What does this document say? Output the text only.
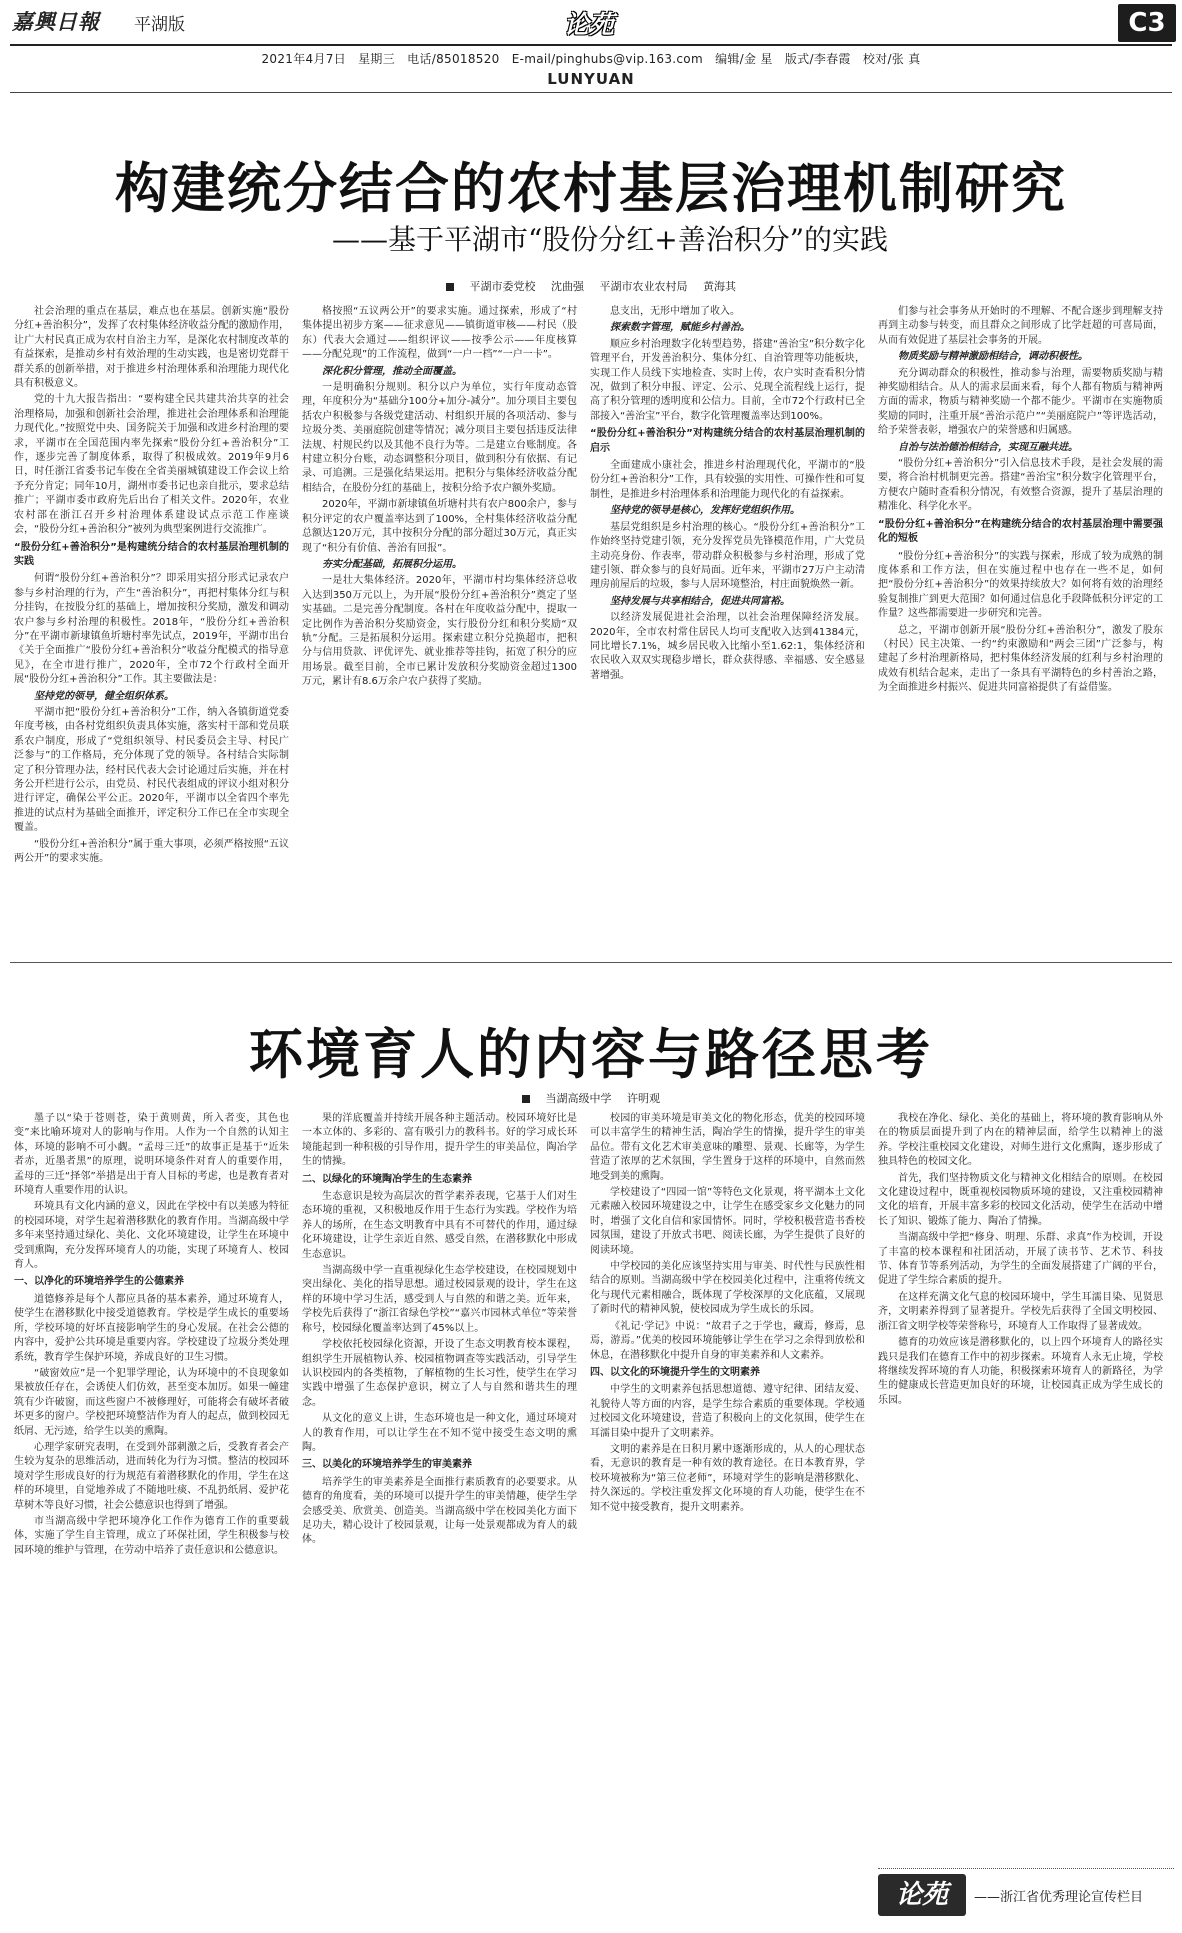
嘉興日報 平湖版	论苑	C3
2021年4月7日 星期三 电话/85018520 E-mail/pinghubs@vip.163.com 编辑/金 星 版式/李春霞 校对/张 真
LUNYUAN
构建统分结合的农村基层治理机制研究
——基于平湖市“股份分红+善治积分”的实践
平湖市委党校 沈曲强 平湖市农业农村局 黄海其

社会治理的重点在基层，难点也在基层。创新实施“股份分红+善治积分”，发挥了农村集体经济收益分配的激励作用，让广大村民真正成为农村自治主力军，是深化农村制度改革的有益探索，是推动乡村有效治理的生动实践，也是密切党群干群关系的创新举措，对于推进乡村治理体系和治理能力现代化具有积极意义。

党的十九大报告指出：“要构建全民共建共治共享的社会治理格局，加强和创新社会治理，推进社会治理体系和治理能力现代化。”按照党中央、国务院关于加强和改进乡村治理的要求，平湖市在全国范围内率先探索“股份分红+善治积分”工作，逐步完善了制度体系，取得了积极成效。2019年9月6日，时任浙江省委书记车俊在全省美丽城镇建设工作会议上给予充分肯定；同年10月，湖州市委书记也亲自批示，要求总结推广；平湖市委市政府先后出台了相关文件。2020年，农业农村部在浙江召开乡村治理体系建设试点示范工作座谈会，“股份分红+善治积分”被列为典型案例进行交流推广。

“股份分红+善治积分”是构建统分结合的农村基层治理机制的实践

何谓“股份分红+善治积分”？即采用实招分形式记录农户参与乡村治理的行为，产生“善治积分”，再把村集体分红与积分挂钩，在按股分红的基础上，增加按积分奖励，激发和调动农户参与乡村治理的积极性。2018年，“股份分红+善治积分”在平湖市新埭镇鱼圻塘村率先试点，2019年，平湖市出台《关于全面推广“股份分红+善治积分”收益分配模式的指导意见》，在全市进行推广，2020年，全市72个行政村全面开展“股份分红+善治积分”工作。其主要做法是：

坚持党的领导，健全组织体系。

平湖市把“股份分红+善治积分”工作，纳入各镇街道党委年度考核，由各村党组织负责具体实施，落实村干部和党员联系农户制度，形成了“党组织领导、村民委员会主导、村民广泛参与”的工作格局，充分体现了党的领导。各村结合实际制定了积分管理办法，经村民代表大会讨论通过后实施，并在村务公开栏进行公示，由党员、村民代表组成的评议小组对积分进行评定，确保公平公正。2020年，平湖市以全省四个率先推进的试点村为基础全面推开，评定积分工作已在全市实现全覆盖。

“股份分红+善治积分”属于重大事项，必须严格按照“五议两公开”的要求实施。

格按照“五议两公开”的要求实施。通过探索，形成了“村集体提出初步方案——征求意见——镇街道审核——村民（股东）代表大会通过——组织评议——按季公示——年度核算——分配兑现”的工作流程，做到“一户一档”“一户一卡”。

深化积分管理，推动全面覆盖。

一是明确积分规则。积分以户为单位，实行年度动态管理，年度积分为“基础分100分+加分-减分”。加分项目主要包括农户积极参与各级党建活动、村组织开展的各项活动、参与垃圾分类、美丽庭院创建等情况；减分项目主要包括违反法律法规、村规民约以及其他不良行为等。二是建立台账制度。各村建立积分台账，动态调整积分项目，做到积分有依据、有记录、可追溯。三是强化结果运用。把积分与集体经济收益分配相结合，在股份分红的基础上，按积分给予农户额外奖励。

2020年，平湖市新埭镇鱼圻塘村共有农户800余户，参与积分评定的农户覆盖率达到了100%，全村集体经济收益分配总额达120万元，其中按积分分配的部分超过30万元，真正实现了“积分有价值、善治有回报”。

夯实分配基础，拓展积分运用。

一是壮大集体经济。2020年，平湖市村均集体经济总收入达到350万元以上，为开展“股份分红+善治积分”奠定了坚实基础。二是完善分配制度。各村在年度收益分配中，提取一定比例作为善治积分奖励资金，实行股份分红和积分奖励“双轨”分配。三是拓展积分运用。探索建立积分兑换超市，把积分与信用贷款、评优评先、就业推荐等挂钩，拓宽了积分的应用场景。截至目前，全市已累计发放积分奖励资金超过1300万元，累计有8.6万余户农户获得了奖励。

息支出，无形中增加了收入。

探索数字管理，赋能乡村善治。

顺应乡村治理数字化转型趋势，搭建“善治宝”积分数字化管理平台，开发善治积分、集体分红、自治管理等功能板块，实现工作人员线下实地检查、实时上传，农户实时查看积分情况，做到了积分申报、评定、公示、兑现全流程线上运行，提高了积分管理的透明度和公信力。目前，全市72个行政村已全部接入“善治宝”平台，数字化管理覆盖率达到100%。

“股份分红+善治积分”对构建统分结合的农村基层治理机制的启示

全面建成小康社会，推进乡村治理现代化，平湖市的“股份分红+善治积分”工作，具有较强的实用性、可操作性和可复制性，是推进乡村治理体系和治理能力现代化的有益探索。

坚持党的领导是核心，发挥好党组织作用。

基层党组织是乡村治理的核心。“股份分红+善治积分”工作始终坚持党建引领，充分发挥党员先锋模范作用，广大党员主动亮身份、作表率，带动群众积极参与乡村治理，形成了党建引领、群众参与的良好局面。近年来，平湖市27万户主动清理房前屋后的垃圾，参与人居环境整治，村庄面貌焕然一新。

坚持发展与共享相结合，促进共同富裕。

以经济发展促进社会治理，以社会治理保障经济发展。2020年，全市农村常住居民人均可支配收入达到41384元，同比增长7.1%，城乡居民收入比缩小至1.62:1，集体经济和农民收入双双实现稳步增长，群众获得感、幸福感、安全感显著增强。

们参与社会事务从开始时的不理解、不配合逐步到理解支持再到主动参与转变，而且群众之间形成了比学赶超的可喜局面，从而有效促进了基层社会事务的开展。

物质奖励与精神激励相结合，调动积极性。

充分调动群众的积极性，推动参与治理，需要物质奖励与精神奖励相结合。从人的需求层面来看，每个人都有物质与精神两方面的需求，物质与精神奖励一个都不能少。平湖市在实施物质奖励的同时，注重开展“善治示范户”“美丽庭院户”等评选活动，给予荣誉表彰，增强农户的荣誉感和归属感。

自治与法治德治相结合，实现互融共进。

“股份分红+善治积分”引入信息技术手段，是社会发展的需要，将合治村机制更完善。搭建“善治宝”积分数字化管理平台，方便农户随时查看积分情况，有效整合资源，提升了基层治理的精准化、科学化水平。

“股份分红+善治积分”在构建统分结合的农村基层治理中需要强化的短板

“股份分红+善治积分”的实践与探索，形成了较为成熟的制度体系和工作方法，但在实施过程中也存在一些不足，如何把“股份分红+善治积分”的效果持续放大？如何将有效的治理经验复制推广到更大范围？如何通过信息化手段降低积分评定的工作量？这些都需要进一步研究和完善。

总之，平湖市创新开展“股份分红+善治积分”，激发了股东（村民）民主决策、一约“约束激励和“两会三团”广泛参与，构建起了乡村治理新格局，把村集体经济发展的红利与乡村治理的成效有机结合起来，走出了一条具有平湖特色的乡村善治之路，为全面推进乡村振兴、促进共同富裕提供了有益借鉴。

环境育人的内容与路径思考
当湖高级中学 许明观

墨子以“染于苍则苍，染于黄则黄，所入者变，其色也变”来比喻环境对人的影响与作用。人作为一个自然的认知主体，环境的影响不可小觑。“孟母三迁”的故事正是基于“近朱者赤，近墨者黑”的原理，说明环境条件对育人的重要作用，孟母的三迁“择邻”举措是出于育人目标的考虑，也是教育者对环境育人重要作用的认识。

环境具有文化内涵的意义，因此在学校中有以美感为特征的校园环境，对学生起着潜移默化的教育作用。当湖高级中学多年来坚持通过绿化、美化、文化环境建设，让学生在环境中受到熏陶，充分发挥环境育人的功能，实现了环境育人、校园育人。

一、以净化的环境培养学生的公德素养

道德修养是每个人都应具备的基本素养，通过环境育人，使学生在潜移默化中接受道德教育。学校是学生成长的重要场所，学校环境的好坏直接影响学生的身心发展。在社会公德的内容中，爱护公共环境是重要内容。学校建设了垃圾分类处理系统，教育学生保护环境，养成良好的卫生习惯。

“破窗效应”是一个犯罪学理论，认为环境中的不良现象如果被放任存在，会诱使人们仿效，甚至变本加厉。如果一幢建筑有少许破窗，而这些窗户不被修理好，可能将会有破坏者破坏更多的窗户。学校把环境整洁作为育人的起点，做到校园无纸屑、无污迹，给学生以美的熏陶。

心理学家研究表明，在受到外部刺激之后，受教育者会产生较为复杂的思维活动，进而转化为行为习惯。整洁的校园环境对学生形成良好的行为规范有着潜移默化的作用，学生在这样的环境里，自觉地养成了不随地吐痰、不乱扔纸屑、爱护花草树木等良好习惯，社会公德意识也得到了增强。

市当湖高级中学把环境净化工作作为德育工作的重要载体，实施了学生自主管理，成立了环保社团，学生积极参与校园环境的维护与管理，在劳动中培养了责任意识和公德意识。

果的洋底覆盖并持续开展各种主题活动。校园环境好比是一本立体的、多彩的、富有吸引力的教科书。好的学习成长环境能起到一种积极的引导作用，提升学生的审美品位，陶冶学生的情操。

二、以绿化的环境陶冶学生的生态素养

生态意识是较为高层次的哲学素养表现，它基于人们对生态环境的重视，又积极地反作用于生态行为实践。学校作为培养人的场所，在生态文明教育中具有不可替代的作用，通过绿化环境建设，让学生亲近自然、感受自然，在潜移默化中形成生态意识。

当湖高级中学一直重视绿化生态学校建设，在校园规划中突出绿化、美化的指导思想。通过校园景观的设计，学生在这样的环境中学习生活，感受到人与自然的和谐之美。近年来，学校先后获得了“浙江省绿色学校”“嘉兴市园林式单位”等荣誉称号，校园绿化覆盖率达到了45%以上。

学校依托校园绿化资源，开设了生态文明教育校本课程，组织学生开展植物认养、校园植物调查等实践活动，引导学生认识校园内的各类植物，了解植物的生长习性，使学生在学习实践中增强了生态保护意识，树立了人与自然和谐共生的理念。

从文化的意义上讲，生态环境也是一种文化，通过环境对人的教育作用，可以让学生在不知不觉中接受生态文明的熏陶。

三、以美化的环境培养学生的审美素养

培养学生的审美素养是全面推行素质教育的必要要求。从德育的角度看，美的环境可以提升学生的审美情趣，使学生学会感受美、欣赏美、创造美。当湖高级中学在校园美化方面下足功夫，精心设计了校园景观，让每一处景观都成为育人的载体。

校园的审美环境是审美文化的物化形态，优美的校园环境可以丰富学生的精神生活，陶冶学生的情操，提升学生的审美品位。带有文化艺术审美意味的雕塑、景观、长廊等，为学生营造了浓厚的艺术氛围，学生置身于这样的环境中，自然而然地受到美的熏陶。

学校建设了“四园一馆”等特色文化景观，将平湖本土文化元素融入校园环境建设之中，让学生在感受家乡文化魅力的同时，增强了文化自信和家国情怀。同时，学校积极营造书香校园氛围，建设了开放式书吧、阅读长廊，为学生提供了良好的阅读环境。

中学校园的美化应该坚持实用与审美、时代性与民族性相结合的原则。当湖高级中学在校园美化过程中，注重将传统文化与现代元素相融合，既体现了学校深厚的文化底蕴，又展现了新时代的精神风貌，使校园成为学生成长的乐园。

《礼记·学记》中说：“故君子之于学也，藏焉，修焉，息焉，游焉。”优美的校园环境能够让学生在学习之余得到放松和休息，在潜移默化中提升自身的审美素养和人文素养。

四、以文化的环境提升学生的文明素养

中学生的文明素养包括思想道德、遵守纪律、团结友爱、礼貌待人等方面的内容，是学生综合素质的重要体现。学校通过校园文化环境建设，营造了积极向上的文化氛围，使学生在耳濡目染中提升了文明素养。

文明的素养是在日积月累中逐渐形成的，从人的心理状态看，无意识的教育是一种有效的教育途径。在日本教育界，学校环境被称为“第三位老师”，环境对学生的影响是潜移默化、持久深远的。学校注重发挥文化环境的育人功能，使学生在不知不觉中接受教育，提升文明素养。

我校在净化、绿化、美化的基础上，将环境的教育影响从外在的物质层面提升到了内在的精神层面，给学生以精神上的滋养。学校注重校园文化建设，对师生进行文化熏陶，逐步形成了独具特色的校园文化。

首先，我们坚持物质文化与精神文化相结合的原则。在校园文化建设过程中，既重视校园物质环境的建设，又注重校园精神文化的培育，开展丰富多彩的校园文化活动，使学生在活动中增长了知识、锻炼了能力、陶冶了情操。

当湖高级中学把“修身、明理、乐群、求真”作为校训，开设了丰富的校本课程和社团活动，开展了读书节、艺术节、科技节、体育节等系列活动，为学生的全面发展搭建了广阔的平台，促进了学生综合素质的提升。

在这样充满文化气息的校园环境中，学生耳濡目染、见贤思齐，文明素养得到了显著提升。学校先后获得了全国文明校园、浙江省文明学校等荣誉称号，环境育人工作取得了显著成效。

德育的功效应该是潜移默化的，以上四个环境育人的路径实践只是我们在德育工作中的初步探索。环境育人永无止境，学校将继续发挥环境的育人功能，积极探索环境育人的新路径，为学生的健康成长营造更加良好的环境，让校园真正成为学生成长的乐园。

论苑	——浙江省优秀理论宣传栏目
